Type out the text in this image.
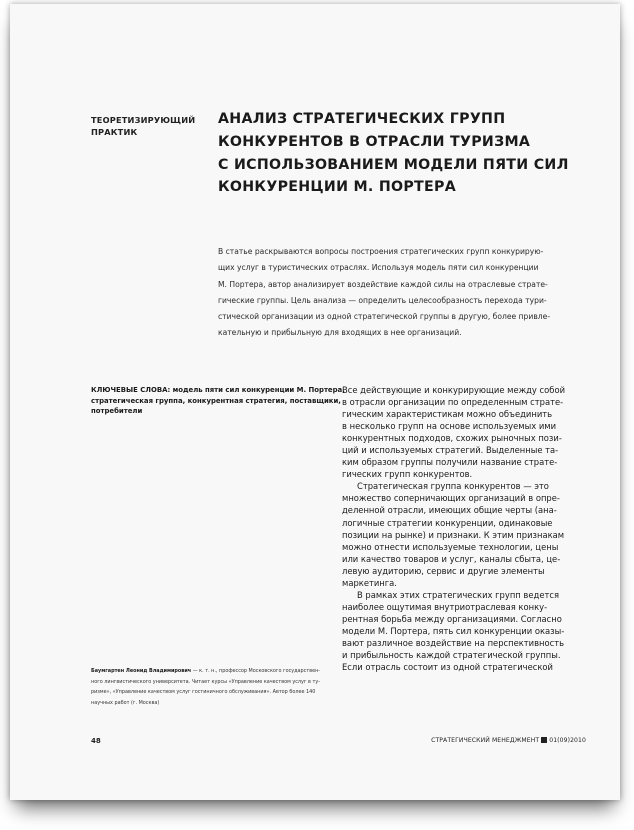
ТЕОРЕТИЗИРУЮЩИЙ
ПРАКТИК
АНАЛИЗ СТРАТЕГИЧЕСКИХ ГРУПП
КОНКУРЕНТОВ В ОТРАСЛИ ТУРИЗМА
С ИСПОЛЬЗОВАНИЕМ МОДЕЛИ ПЯТИ СИЛ
КОНКУРЕНЦИИ М. ПОРТЕРА
В статье раскрываются вопросы построения стратегических групп конкурирую-
щих услуг в туристических отраслях. Используя модель пяти сил конкуренции
М. Портера, автор анализирует воздействие каждой силы на отраслевые страте-
гические группы. Цель анализа — определить целесообразность перехода тури-
стической организации из одной стратегической группы в другую, более привле-
кательную и прибыльную для входящих в нее организаций.
КЛЮЧЕВЫЕ СЛОВА: модель пяти сил конкуренции М. Портера,
стратегическая группа, конкурентная стратегия, поставщики,
потребители
Все действующие и конкурирующие между собой
в отрасли организации по определенным страте-
гическим характеристикам можно объединить
в несколько групп на основе используемых ими
конкурентных подходов, схожих рыночных пози-
ций и используемых стратегий. Выделенные та-
ким образом группы получили название страте-
гических групп конкурентов.
Стратегическая группа конкурентов — это
множество соперничающих организаций в опре-
деленной отрасли, имеющих общие черты (ана-
логичные стратегии конкуренции, одинаковые
позиции на рынке) и признаки. К этим признакам
можно отнести используемые технологии, цены
или качество товаров и услуг, каналы сбыта, це-
левую аудиторию, сервис и другие элементы
маркетинга.
В рамках этих стратегических групп ведется
наиболее ощутимая внутриотраслевая конку-
рентная борьба между организациями. Согласно
модели М. Портера, пять сил конкуренции оказы-
вают различное воздействие на перспективность
и прибыльность каждой стратегической группы.
Если отрасль состоит из одной стратегической
Баумгартен Леонид Владимирович — к. т. н., профессор Московского государствен-
ного лингвистического университета. Читает курсы «Управление качеством услуг в ту-
ризме», «Управление качеством услуг гостиничного обслуживания». Автор более 140
научных работ (г. Москва)
48	СТРАТЕГИЧЕСКИЙ МЕНЕДЖМЕНТ 01(09)2010
